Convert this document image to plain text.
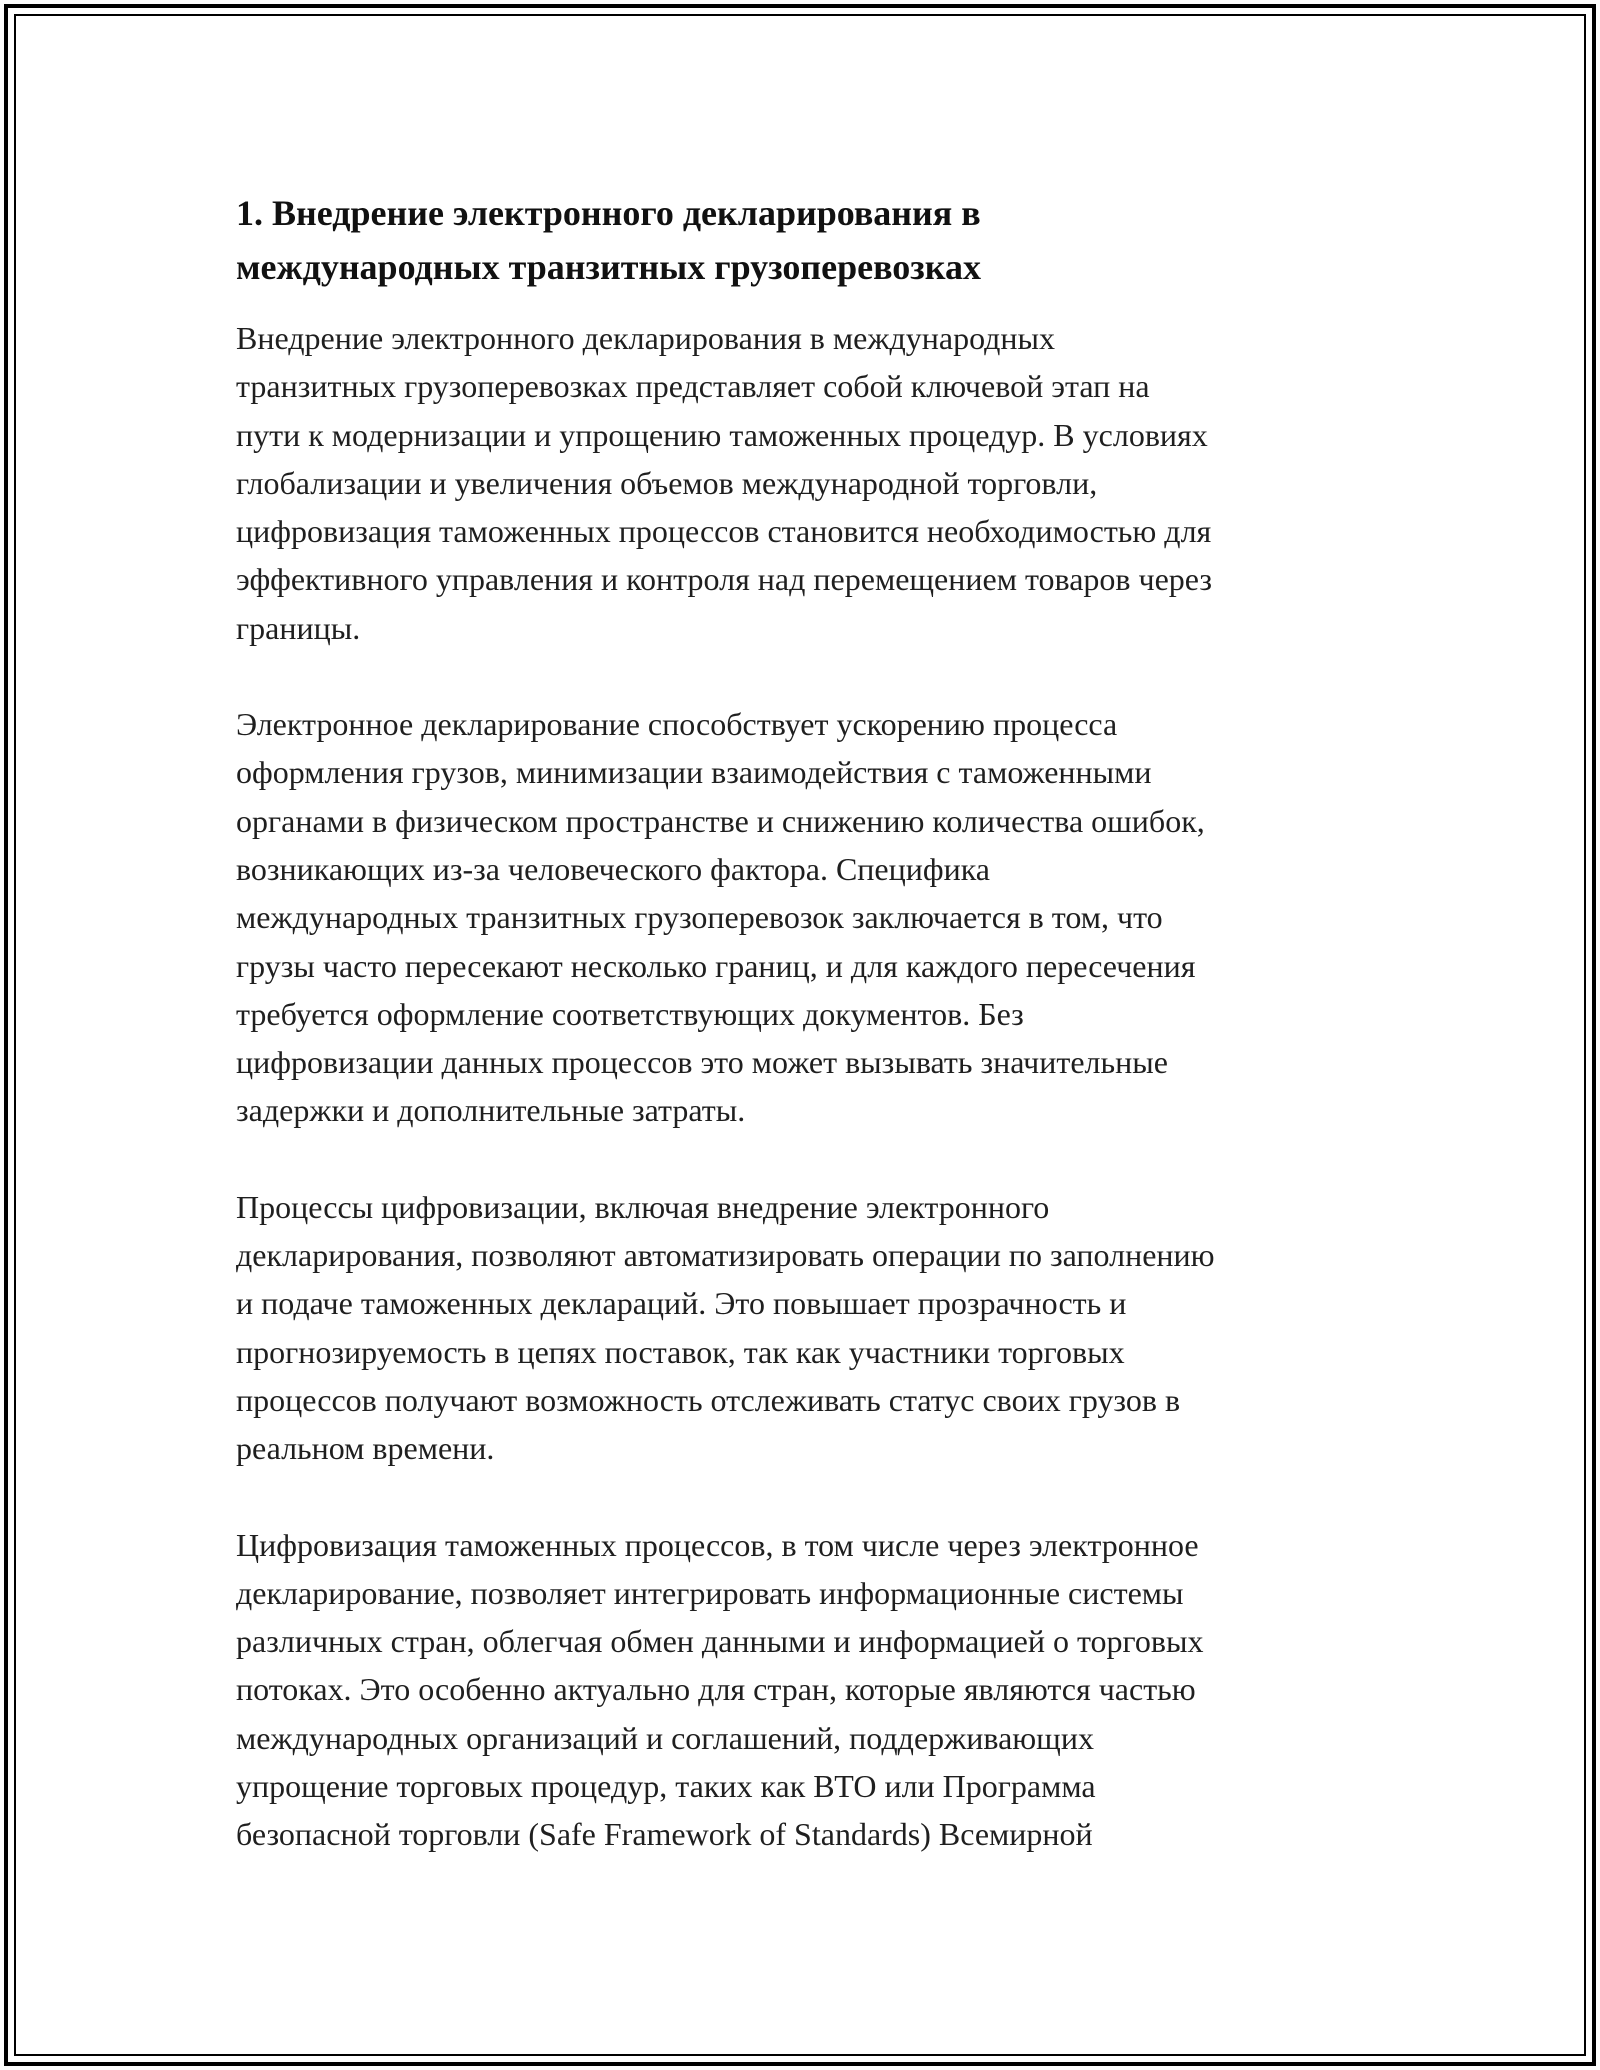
1. Внедрение электронного декларирования в
международных транзитных грузоперевозках

Внедрение электронного декларирования в международных
транзитных грузоперевозках представляет собой ключевой этап на
пути к модернизации и упрощению таможенных процедур. В условиях
глобализации и увеличения объемов международной торговли,
цифровизация таможенных процессов становится необходимостью для
эффективного управления и контроля над перемещением товаров через
границы.

Электронное декларирование способствует ускорению процесса
оформления грузов, минимизации взаимодействия с таможенными
органами в физическом пространстве и снижению количества ошибок,
возникающих из-за человеческого фактора. Специфика
международных транзитных грузоперевозок заключается в том, что
грузы часто пересекают несколько границ, и для каждого пересечения
требуется оформление соответствующих документов. Без
цифровизации данных процессов это может вызывать значительные
задержки и дополнительные затраты.

Процессы цифровизации, включая внедрение электронного
декларирования, позволяют автоматизировать операции по заполнению
и подаче таможенных деклараций. Это повышает прозрачность и
прогнозируемость в цепях поставок, так как участники торговых
процессов получают возможность отслеживать статус своих грузов в
реальном времени.

Цифровизация таможенных процессов, в том числе через электронное
декларирование, позволяет интегрировать информационные системы
различных стран, облегчая обмен данными и информацией о торговых
потоках. Это особенно актуально для стран, которые являются частью
международных организаций и соглашений, поддерживающих
упрощение торговых процедур, таких как ВТО или Программа
безопасной торговли (Safe Framework of Standards) Всемирной
